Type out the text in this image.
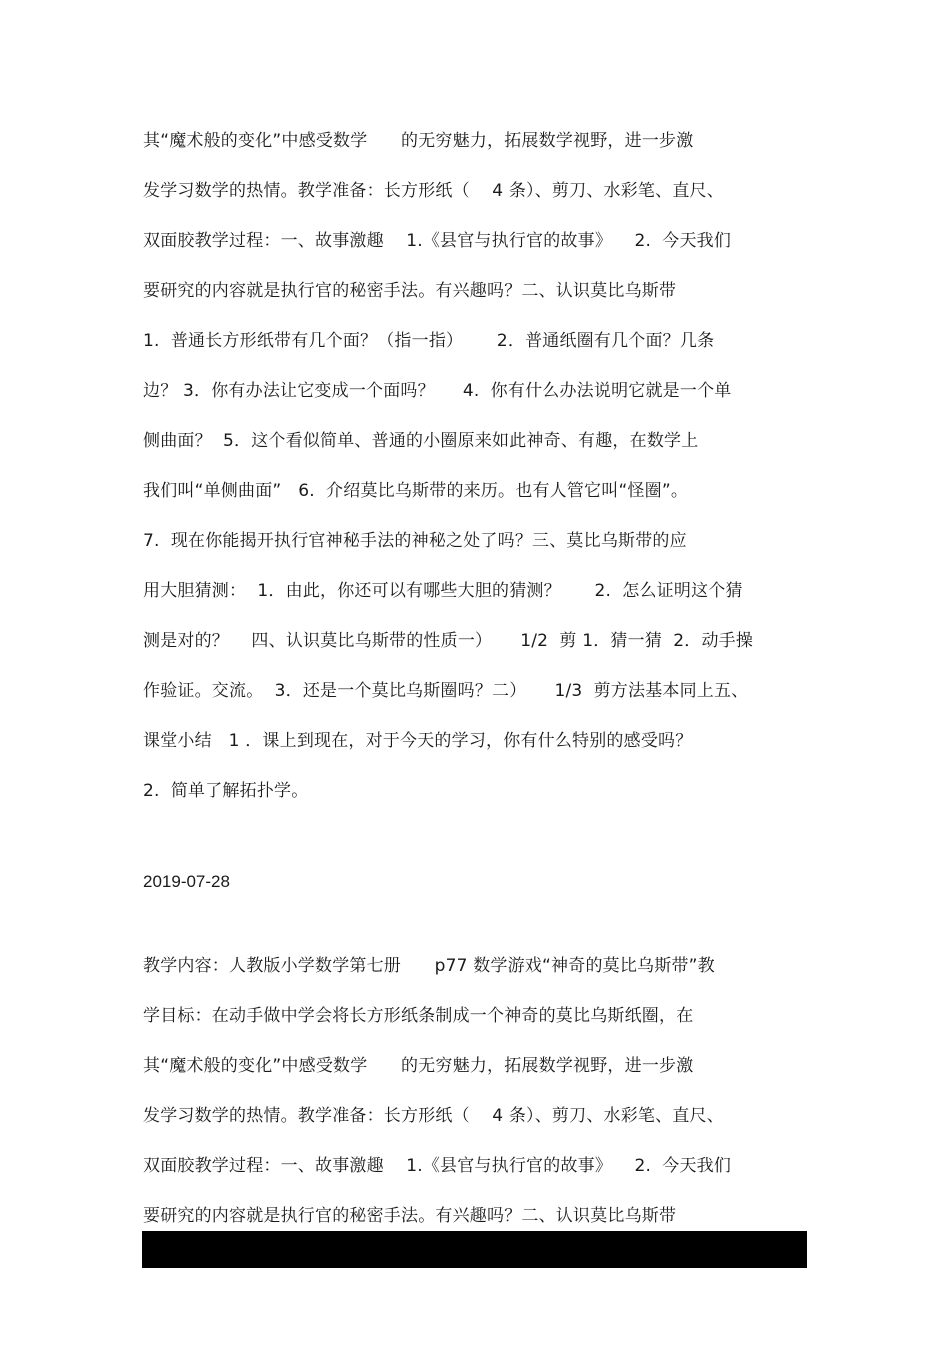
其“魔术般的变化”中感受数学      的无穷魅力，拓展数学视野，进一步激
发学习数学的热情。教学准备：长方形纸（    4 条）、剪刀、水彩笔、直尺、
双面胶教学过程：一、故事激趣    1.《县官与执行官的故事》    2.  今天我们
要研究的内容就是执行官的秘密手法。有兴趣吗？二、认识莫比乌斯带
1.  普通长方形纸带有几个面？（指一指）      2．普通纸圈有几个面？几条
边？ 3．你有办法让它变成一个面吗？     4.  你有什么办法说明它就是一个单
侧曲面？  5．这个看似简单、普通的小圈原来如此神奇、有趣，在数学上
我们叫“单侧曲面”   6.  介绍莫比乌斯带的来历。也有人管它叫“怪圈”。
7.  现在你能揭开执行官神秘手法的神秘之处了吗？三、莫比乌斯带的应
用大胆猜测：  1．由此，你还可以有哪些大胆的猜测？      2.  怎么证明这个猜
测是对的？    四、认识莫比乌斯带的性质一）     1/2  剪 1．猜一猜  2．动手操
作验证。交流。  3．还是一个莫比乌斯圈吗？二）     1/3  剪方法基本同上五、
课堂小结   1 ．课上到现在，对于今天的学习，你有什么特别的感受吗？
2.  简单了解拓扑学。
2019-07-28
教学内容：人教版小学数学第七册      p77 数学游戏“神奇的莫比乌斯带”教
学目标：在动手做中学会将长方形纸条制成一个神奇的莫比乌斯纸圈，在
其“魔术般的变化”中感受数学      的无穷魅力，拓展数学视野，进一步激
发学习数学的热情。教学准备：长方形纸（    4 条）、剪刀、水彩笔、直尺、
双面胶教学过程：一、故事激趣    1.《县官与执行官的故事》    2.  今天我们
要研究的内容就是执行官的秘密手法。有兴趣吗？二、认识莫比乌斯带
